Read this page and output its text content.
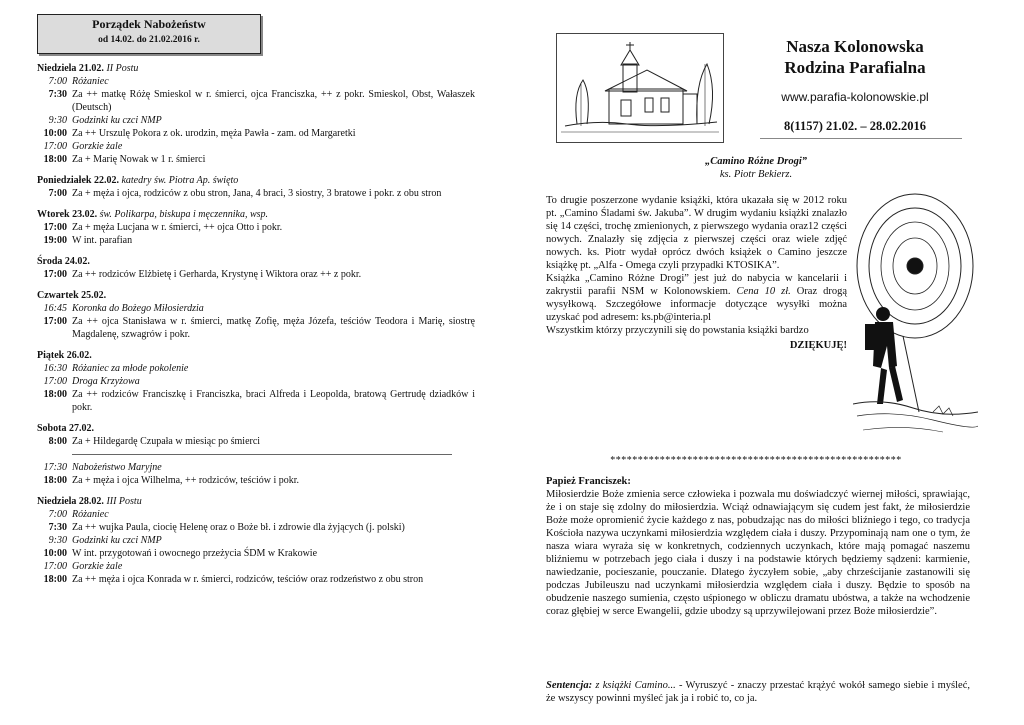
Porządek Nabożeństw
od 14.02. do 21.02.2016 r.
Niedziela 21.02. II Postu
7:00 Różaniec
7:30 Za ++ matkę Różę Smieskol w r. śmierci, ojca Franciszka, ++ z pokr. Smieskol, Obst, Wałaszek (Deutsch)
9:30 Godzinki ku czci NMP
10:00 Za ++ Urszulę Pokora z ok. urodzin, męża Pawła - zam. od Margaretki
17:00 Gorzkie żale
18:00 Za + Marię Nowak w 1 r. śmierci
Poniedziałek 22.02. katedry św. Piotra Ap. święto
7:00 Za + męża i ojca, rodziców z obu stron, Jana, 4 braci, 3 siostry, 3 bratowe i pokr. z obu stron
Wtorek 23.02. św. Polikarpa, biskupa i męczennika, wsp.
17:00 Za + męża Lucjana w r. śmierci, ++ ojca Otto i pokr.
19:00 W int. parafian
Środa 24.02.
17:00 Za ++ rodziców Elżbietę i Gerharda, Krystynę i Wiktora oraz ++ z pokr.
Czwartek 25.02.
16:45 Koronka do Bożego Miłosierdzia
17:00 Za ++ ojca Stanisława w r. śmierci, matkę Zofię, męża Józefa, teściów Teodora i Marię, siostrę Magdalenę, szwagrów i pokr.
Piątek 26.02.
16:30 Różaniec za młode pokolenie
17:00 Droga Krzyżowa
18:00 Za ++ rodziców Franciszkę i Franciszka, braci Alfreda i Leopolda, bratową Gertrudę dziadków i pokr.
Sobota 27.02.
8:00 Za + Hildegardę Czupała w miesiąc po śmierci
17:30 Nabożeństwo Maryjne
18:00 Za + męża i ojca Wilhelma, ++ rodziców, teściów i pokr.
Niedziela 28.02. III Postu
7:00 Różaniec
7:30 Za ++ wujka Paula, ciocię Helenę oraz o Boże bł. i zdrowie dla żyjących (j. polski)
9:30 Godzinki ku czci NMP
10:00 W int. przygotowań i owocnego przeżycia ŚDM w Krakowie
17:00 Gorzkie żale
18:00 Za ++ męża i ojca Konrada w r. śmierci, rodziców, teściów oraz rodzeństwo z obu stron
Nasza Kolonowska
Rodzina Parafialna
www.parafia-kolonowskie.pl
8(1157) 21.02. – 28.02.2016
„Camino Różne Drogi”
ks. Piotr Bekierz.

To drugie poszerzone wydanie książki, która ukazała się w 2012 roku pt. „Camino Śladami św. Jakuba”. W drugim wydaniu książki znalazło się 14 części, trochę zmienionych, z pierwszego wydania oraz12 części nowych. Znalazły się zdjęcia z pierwszej części oraz wiele zdjęć nowych. ks. Piotr wydał oprócz dwóch książek o Camino jeszcze książkę pt. „Alfa - Omega czyli przypadki KTOSIKA”.

Książka „Camino Różne Drogi” jest już do nabycia w kancelarii i zakrystii parafii NSM w Kolonowskiem. Cena 10 zł. Oraz drogą wysyłkową. Szczegółowe informacje dotyczące wysyłki można uzyskać pod adresem: ks.pb@interia.pl

Wszystkim którzy przyczynili się do powstania książki bardzo

DZIĘKUJĘ!
*****************************************************
Papież Franciszek:
Miłosierdzie Boże zmienia serce człowieka i pozwala mu doświadczyć wiernej miłości, sprawiając, że i on staje się zdolny do miłosierdzia. Wciąż odnawiającym się cudem jest fakt, że miłosierdzie Boże może opromienić życie każdego z nas, pobudzając nas do miłości bliźniego i tego, co tradycja Kościoła nazywa uczynkami miłosierdzia względem ciała i duszy. Przypominają nam one o tym, że nasza wiara wyraża się w konkretnych, codziennych uczynkach, które mają pomagać naszemu bliźniemu w potrzebach jego ciała i duszy i na podstawie których będziemy sądzeni: karmienie, nawiedzanie, pocieszanie, pouczanie. Dlatego życzyłem sobie, „aby chrześcijanie zastanowili się podczas Jubileuszu nad uczynkami miłosierdzia względem ciała i duszy. Będzie to sposób na obudzenie naszego sumienia, często uśpionego w obliczu dramatu ubóstwa, a także na wchodzenie coraz głębiej w serce Ewangelii, gdzie ubodzy są uprzywilejowani przez Boże miłosierdzie”.
Sentencja: z książki Camino... - Wyruszyć - znaczy przestać krążyć wokół samego siebie i myśleć, że wszyscy powinni myśleć jak ja i robić to, co ja.
